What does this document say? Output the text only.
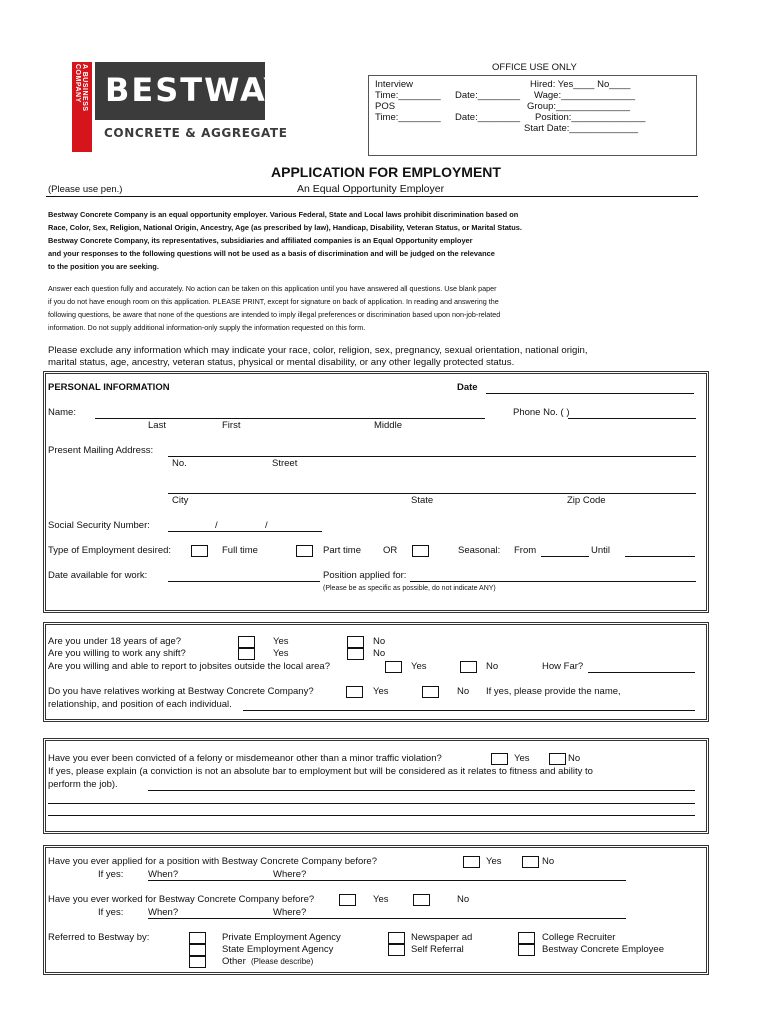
A BUSINESS COMPANY BESTWAY
CONCRETE & AGGREGATE
OFFICE USE ONLY
Interview
Time:________ Date:________
POS
Time:________ Date:________
Hired: Yes____ No____
Wage:______________
Group:______________
Position:______________
Start Date:_____________
APPLICATION FOR EMPLOYMENT
(Please use pen.)	An Equal Opportunity Employer
Bestway Concrete Company is an equal opportunity employer. Various Federal, State and Local laws prohibit discrimination based on
Race, Color, Sex, Religion, National Origin, Ancestry, Age (as prescribed by law), Handicap, Disability, Veteran Status, or Marital Status.
Bestway Concrete Company, its representatives, subsidiaries and affiliated companies is an Equal Opportunity employer
and your responses to the following questions will not be used as a basis of discrimination and will be judged on the relevance
to the position you are seeking.
Answer each question fully and accurately. No action can be taken on this application until you have answered all questions. Use blank paper
if you do not have enough room on this application. PLEASE PRINT, except for signature on back of application. In reading and answering the
following questions, be aware that none of the questions are intended to imply illegal preferences or discrimination based upon non-job-related
information. Do not supply additional information-only supply the information requested on this form.
Please exclude any information which may indicate your race, color, religion, sex, pregnancy, sexual orientation, national origin,
marital status, age, ancestry, veteran status, physical or mental disability, or any other legally protected status.
PERSONAL INFORMATION	Date
Name:	Phone No. ( )
Last	First	Middle
Present Mailing Address:
No.	Street
City	State	Zip Code
Social Security Number:	/	/
Type of Employment desired:	Full time	Part time OR	Seasonal: From	Until
Date available for work:	Position applied for:
(Please be as specific as possible, do not indicate ANY)
Are you under 18 years of age?	Yes	No
Are you willing to work any shift?	Yes	No
Are you willing and able to report to jobsites outside the local area?	Yes	No	How Far?
Do you have relatives working at Bestway Concrete Company?	Yes	No If yes, please provide the name,
relationship, and position of each individual.
Have you ever been convicted of a felony or misdemeanor other than a minor traffic violation?	Yes	No
If yes, please explain (a conviction is not an absolute bar to employment but will be considered as it relates to fitness and ability to
perform the job).
Have you ever applied for a position with Bestway Concrete Company before?	Yes	No
If yes:	When?	Where?
Have you ever worked for Bestway Concrete Company before?	Yes	No
If yes:	When?	Where?
Referred to Bestway by:	Private Employment Agency
State Employment Agency
Other (Please describe)
Newspaper ad
Self Referral
College Recruiter
Bestway Concrete Employee
